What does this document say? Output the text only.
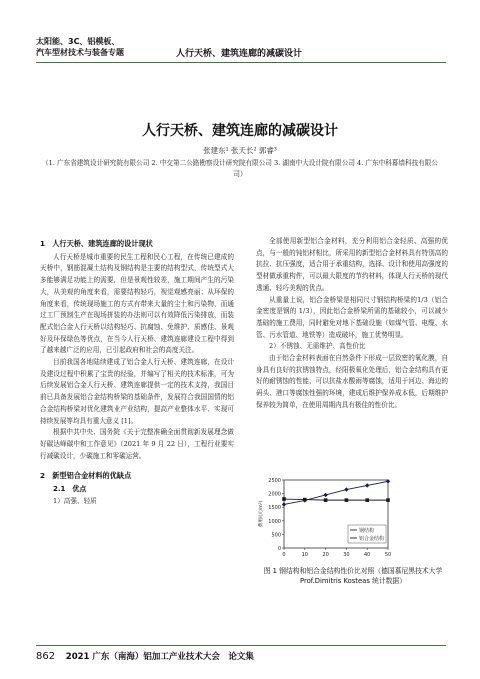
太阳能、3C、铝模板、
汽车型材技术与装备专题	人行天桥、建筑连廊的减碳设计
人行天桥、建筑连廊的减碳设计
张建东¹ 张天长² 郭睿³
（1. 广东省建筑设计研究院有限公司 2. 中交第二公路勘察设计研究院有限公司 3. 湖南中大设计院有限公司 4. 广东中科幕墙科技有限公司）
1　人行天桥、建筑连廊的设计现状

人行天桥是城市重要的民生工程和民心工程，在传统已建成的天桥中，钢筋混凝土结构及钢结构是主要的结构型式，传统型式大多能够满足功能上的需要，但是景观性较差，施工期间产生的污染大，从美观的角度来看，需要结构轻巧，视觉观感亮丽；从环保的角度来看，传统现场施工的方式有带来大量的尘土和污染物，而通过工厂预制生产在现场拼装的办法则可以有效降低污染排放，而装配式铝合金人行天桥以结构轻巧、抗腐蚀、免维护、质感佳、景观好及环保绿色等优点，在当今人行天桥、建筑连廊建设工程中得到了越来越广泛的应用，已引起政府和社会的高度关注。

目前我国各地陆续建成了铝合金人行天桥、建筑连廊，在设计及建设过程中积累了宝贵的经验，并编写了相关的技术标准，可为后续发展铝合金人行天桥、建筑连廊提供一定的技术支持，我国目前已具备发展铝合金结构桥梁的基础条件，发展符合我国国情的铝合金结构桥梁对优化建筑业产业结构，提高产业整体水平、实现可持续发展等均具有重大意义 [1]。

根据中共中央、国务院《关于完整准确全面贯彻新发展理念做好碳达峰碳中和工作意见》（2021 年 9 月 22 日），工程行业要实行减碳设计，少碳施工和零碳运营。

2　新型铝合金材料的优缺点
2.1　优点

1）高强、轻质

全部使用新型铝合金材料，充分利用铝合金轻质、高强的优点，与一般的钝铝材相比，所采用的新型铝合金材料具有特别高的抗拉、抗压强度，适合用于承重结构，选择、设计和使用高强度的型材做承重构件，可以最大限度的节约材料，体现人行天桥的现代透通、轻巧美观的优点。

从重量上说，铝合金桥梁是相同尺寸钢结构桥梁的1/3（铝合金密度是钢的 1/3），因此铝合金桥梁所需的基础较小，可以减少基础的施工费用，同时避免对地下基础设施（如煤气管、电缆、水管、污水管道、地铁等）造成破坏，施工优势明显。

2）不锈蚀、无需维护、高性价比

由于铝合金材料表面在自然条件下形成一层致密的氧化膜，自身具有良好的抗锈蚀特点，经阳极氧化处理后，铝合金结构具有更好的耐锈蚀的性能，可以抗盐水酸雨等腐蚀，适用于河边、海边的码头、港口等腐蚀性强的环境，建成后维护保养成本低，后期维护保养较为简单，在使用周期内具有极佳的性价比。

0
500
1000
1500
2000
2500
0	10	20	30	40	50
费用/(元/m²)
钢结构
铝合金结构
图 1 钢结构和铝合金结构性价比对照（德国慕尼黑技术大学 Prof.Dimitris Kosteas 统计数据）
862 2021 广东（南海）铝加工产业技术大会　论文集
